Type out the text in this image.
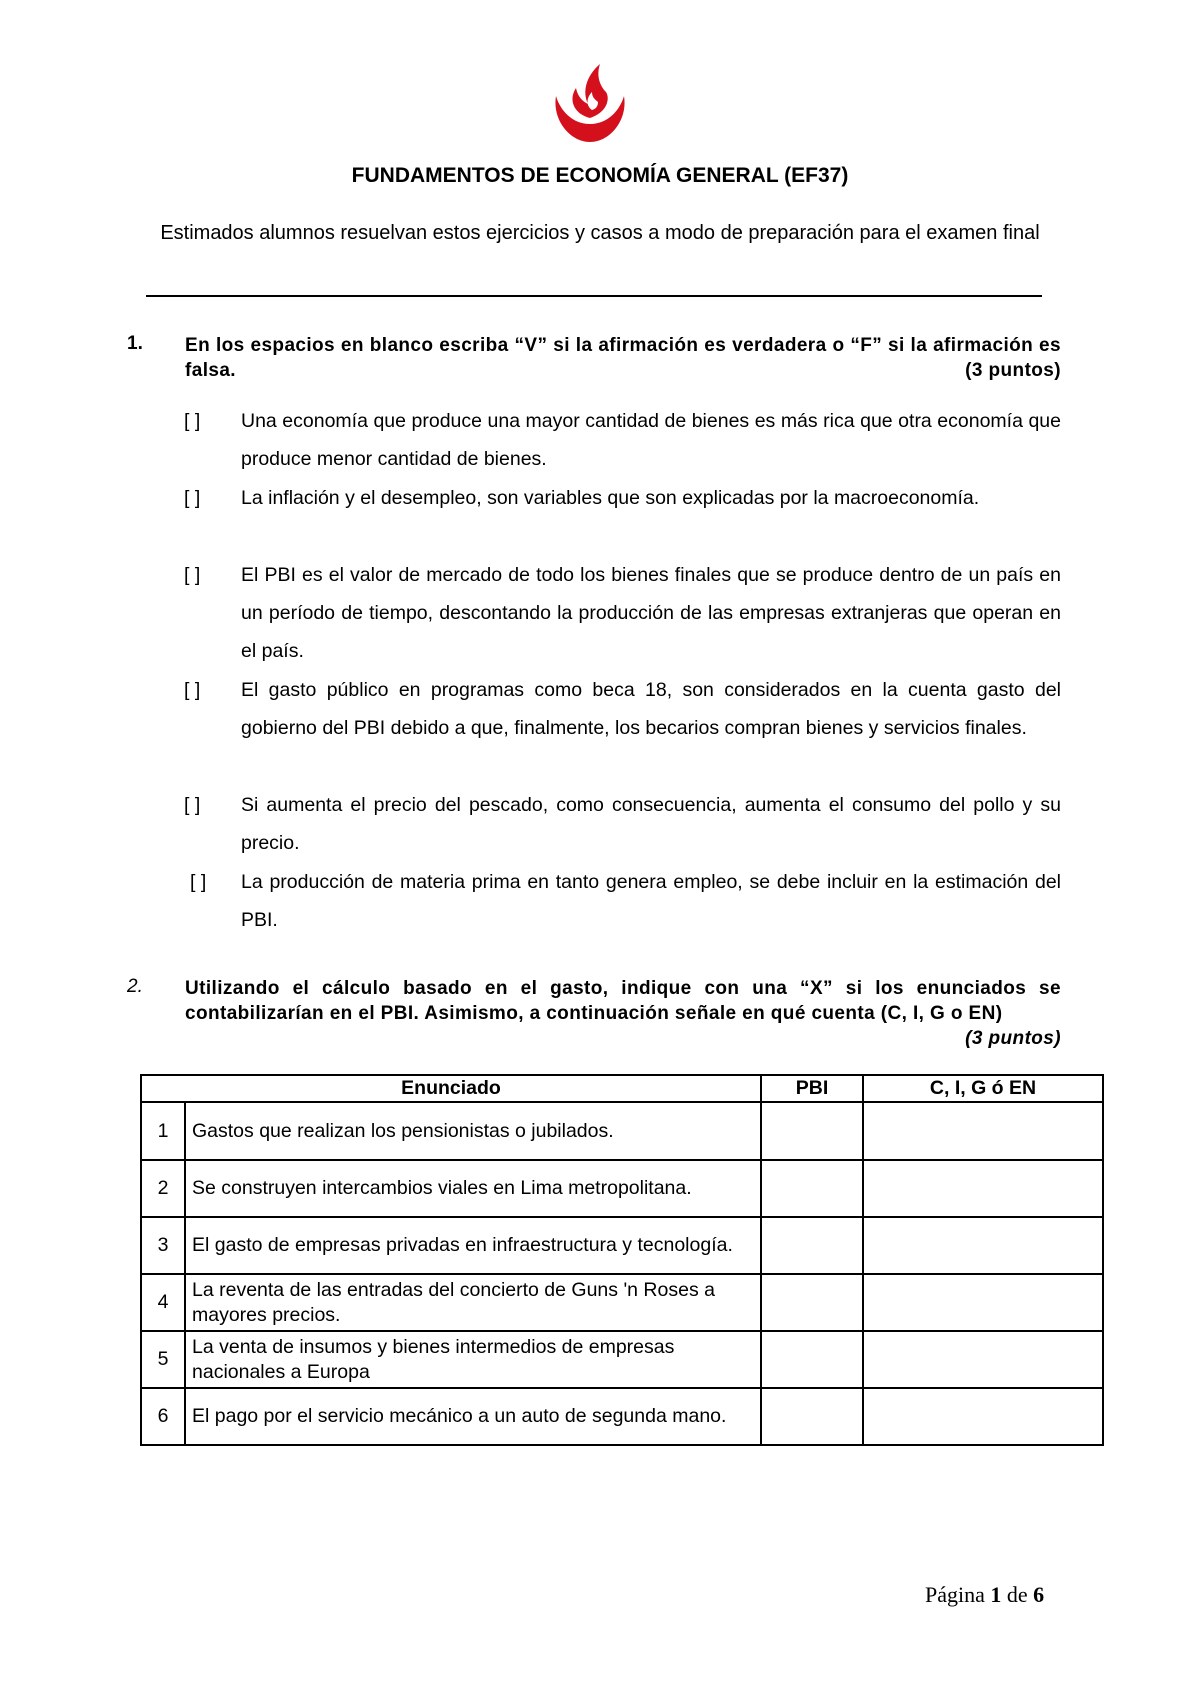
FUNDAMENTOS DE ECONOMÍA GENERAL (EF37)
Estimados alumnos resuelvan estos ejercicios y casos a modo de preparación para el examen final
1. En los espacios en blanco escriba “V” si la afirmación es verdadera o “F” si la afirmación es falsa.	(3 puntos)
[ ] Una economía que produce una mayor cantidad de bienes es más rica que otra economía que produce menor cantidad de bienes.
[ ] La inflación y el desempleo, son variables que son explicadas por la macroeconomía.
[ ] El PBI es el valor de mercado de todo los bienes finales que se produce dentro de un país en un período de tiempo, descontando la producción de las empresas extranjeras que operan en el país.
[ ] El gasto público en programas como beca 18, son considerados en la cuenta gasto del gobierno del PBI debido a que, finalmente, los becarios compran bienes y servicios finales.
[ ] Si aumenta el precio del pescado, como consecuencia, aumenta el consumo del pollo y su precio.
[ ] La producción de materia prima en tanto genera empleo, se debe incluir en la estimación del PBI.
2. Utilizando el cálculo basado en el gasto, indique con una “X” si los enunciados se contabilizarían en el PBI. Asimismo, a continuación señale en qué cuenta (C, I, G o EN)
(3 puntos)
Enunciado		PBI	C, I, G ó EN
1	Gastos que realizan los pensionistas o jubilados.		
2	Se construyen intercambios viales en Lima metropolitana.		
3	El gasto de empresas privadas en infraestructura y tecnología.		
4	La reventa de las entradas del concierto de Guns 'n Roses a mayores precios.		
5	La venta de insumos y bienes intermedios de empresas nacionales a Europa		
6	El pago por el servicio mecánico a un auto de segunda mano.		
Página 1 de 6
